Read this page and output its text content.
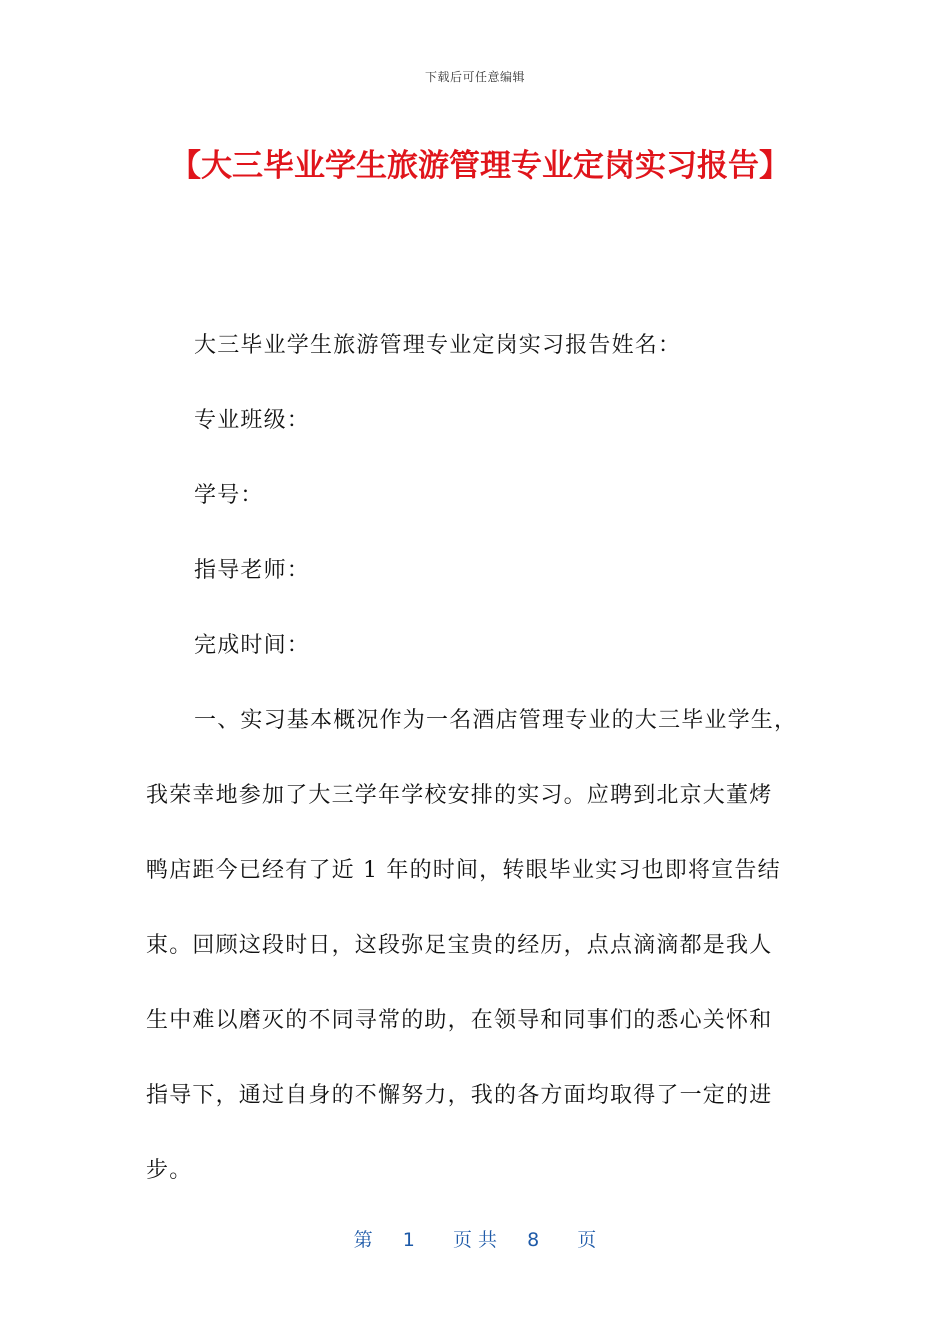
下载后可任意编辑
【大三毕业学生旅游管理专业定岗实习报告】
大三毕业学生旅游管理专业定岗实习报告姓名：
专业班级：
学号：
指导老师：
完成时间：
一、实习基本概况作为一名酒店管理专业的大三毕业学生，
我荣幸地参加了大三学年学校安排的实习。应聘到北京大董烤
鸭店距今已经有了近 1 年的时间，转眼毕业实习也即将宣告结
束。回顾这段时日，这段弥足宝贵的经历，点点滴滴都是我人
生中难以磨灭的不同寻常的助，在领导和同事们的悉心关怀和
指导下，通过自身的不懈努力，我的各方面均取得了一定的进
步。
第 1 页 共 8 页
